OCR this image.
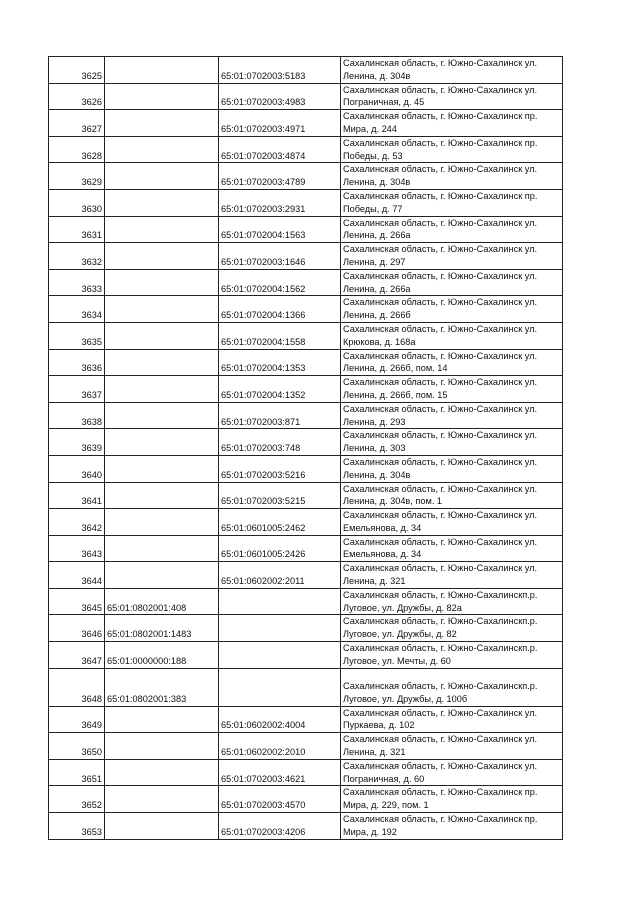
3625		65:01:0702003:5183	Сахалинская область, г. Южно-Сахалинск ул.
Ленина, д. 304в

3626		65:01:0702003:4983	Сахалинская область, г. Южно-Сахалинск ул.
Пограничная, д. 45

3627		65:01:0702003:4971	Сахалинская область, г. Южно-Сахалинск пр.
Мира, д. 244

3628		65:01:0702003:4874	Сахалинская область, г. Южно-Сахалинск пр.
Победы, д. 53

3629		65:01:0702003:4789	Сахалинская область, г. Южно-Сахалинск ул.
Ленина, д. 304в

3630		65:01:0702003:2931	Сахалинская область, г. Южно-Сахалинск пр.
Победы, д. 77

3631		65:01:0702004:1563	Сахалинская область, г. Южно-Сахалинск ул.
Ленина, д. 266а

3632		65:01:0702003:1646	Сахалинская область, г. Южно-Сахалинск ул.
Ленина, д. 297

3633		65:01:0702004:1562	Сахалинская область, г. Южно-Сахалинск ул.
Ленина, д. 266а

3634		65:01:0702004:1366	Сахалинская область, г. Южно-Сахалинск ул.
Ленина, д. 266б

3635		65:01:0702004:1558	Сахалинская область, г. Южно-Сахалинск ул.
Крюкова, д. 168а

3636		65:01:0702004:1353	Сахалинская область, г. Южно-Сахалинск ул.
Ленина, д. 266б, пом. 14

3637		65:01:0702004:1352	Сахалинская область, г. Южно-Сахалинск ул.
Ленина, д. 266б, пом. 15

3638		65:01:0702003:871	Сахалинская область, г. Южно-Сахалинск ул.
Ленина, д. 293

3639		65:01:0702003:748	Сахалинская область, г. Южно-Сахалинск ул.
Ленина, д. 303

3640		65:01:0702003:5216	Сахалинская область, г. Южно-Сахалинск ул.
Ленина, д. 304в

3641		65:01:0702003:5215	Сахалинская область, г. Южно-Сахалинск ул.
Ленина, д. 304в, пом. 1

3642		65:01:0601005:2462	Сахалинская область, г. Южно-Сахалинск ул.
Емельянова, д. 34

3643		65:01:0601005:2426	Сахалинская область, г. Южно-Сахалинск ул.
Емельянова, д. 34

3644		65:01:0602002:2011	Сахалинская область, г. Южно-Сахалинск ул.
Ленина, д. 321

3645	65:01:0802001:408		Сахалинская область, г. Южно-Сахалинскп.р.
Луговое, ул. Дружбы, д. 82а

3646	65:01:0802001:1483		Сахалинская область, г. Южно-Сахалинскп.р.
Луговое, ул. Дружбы, д. 82

3647	65:01:0000000:188		Сахалинская область, г. Южно-Сахалинскп.р.
Луговое, ул. Мечты, д. 60

3648	65:01:0802001:383		Сахалинская область, г. Южно-Сахалинскп.р.
Луговое, ул. Дружбы, д. 100б

3649		65:01:0602002:4004	Сахалинская область, г. Южно-Сахалинск ул.
Пуркаева, д. 102

3650		65:01:0602002:2010	Сахалинская область, г. Южно-Сахалинск ул.
Ленина, д. 321

3651		65:01:0702003:4621	Сахалинская область, г. Южно-Сахалинск ул.
Пограничная, д. 60

3652		65:01:0702003:4570	Сахалинская область, г. Южно-Сахалинск пр.
Мира, д. 229, пом. 1

3653		65:01:0702003:4206	Сахалинская область, г. Южно-Сахалинск пр.
Мира, д. 192
